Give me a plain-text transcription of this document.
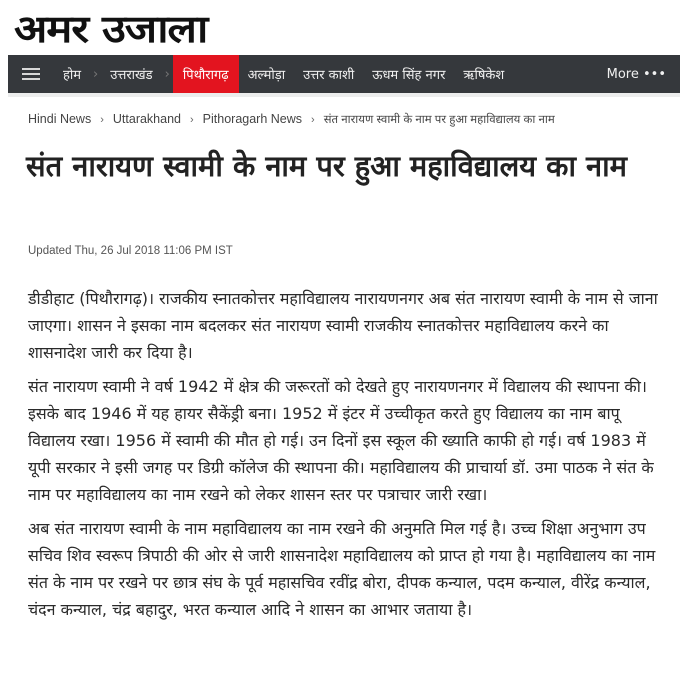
अमर उजाला
होम › उत्तराखंड ›	पिथौरागढ़	अल्मोड़ा	उत्तर काशी	ऊधम सिंह नगर	ऋषिकेश	More •••
Hindi News › Uttarakhand › Pithoragarh News › संत नारायण स्वामी के नाम पर हुआ महाविद्यालय का नाम
संत नारायण स्वामी के नाम पर हुआ महाविद्यालय का नाम
Updated Thu, 26 Jul 2018 11:06 PM IST

डीडीहाट (पिथौरागढ़)। राजकीय स्नातकोत्तर महाविद्यालय नारायणनगर अब संत नारायण स्वामी के नाम से जाना जाएगा। शासन ने इसका नाम बदलकर संत नारायण स्वामी राजकीय स्नातकोत्तर महाविद्यालय करने का शासनादेश जारी कर दिया है।

संत नारायण स्वामी ने वर्ष 1942 में क्षेत्र की जरूरतों को देखते हुए नारायणनगर में विद्यालय की स्थापना की। इसके बाद 1946 में यह हायर सैकेंड्री बना। 1952 में इंटर में उच्चीकृत करते हुए विद्यालय का नाम बापू विद्यालय रखा। 1956 में स्वामी की मौत हो गई। उन दिनों इस स्कूल की ख्याति काफी हो गई। वर्ष 1983 में यूपी सरकार ने इसी जगह पर डिग्री कॉलेज की स्थापना की। महाविद्यालय की प्राचार्या डॉ. उमा पाठक ने संत के नाम पर महाविद्यालय का नाम रखने को लेकर शासन स्तर पर पत्राचार जारी रखा।

अब संत नारायण स्वामी के नाम महाविद्यालय का नाम रखने की अनुमति मिल गई है। उच्च शिक्षा अनुभाग उप सचिव शिव स्वरूप त्रिपाठी की ओर से जारी शासनादेश महाविद्यालय को प्राप्त हो गया है। महाविद्यालय का नाम संत के नाम पर रखने पर छात्र संघ के पूर्व महासचिव रवींद्र बोरा, दीपक कन्याल, पदम कन्याल, वीरेंद्र कन्याल, चंदन कन्याल, चंद्र बहादुर, भरत कन्याल आदि ने शासन का आभार जताया है।
